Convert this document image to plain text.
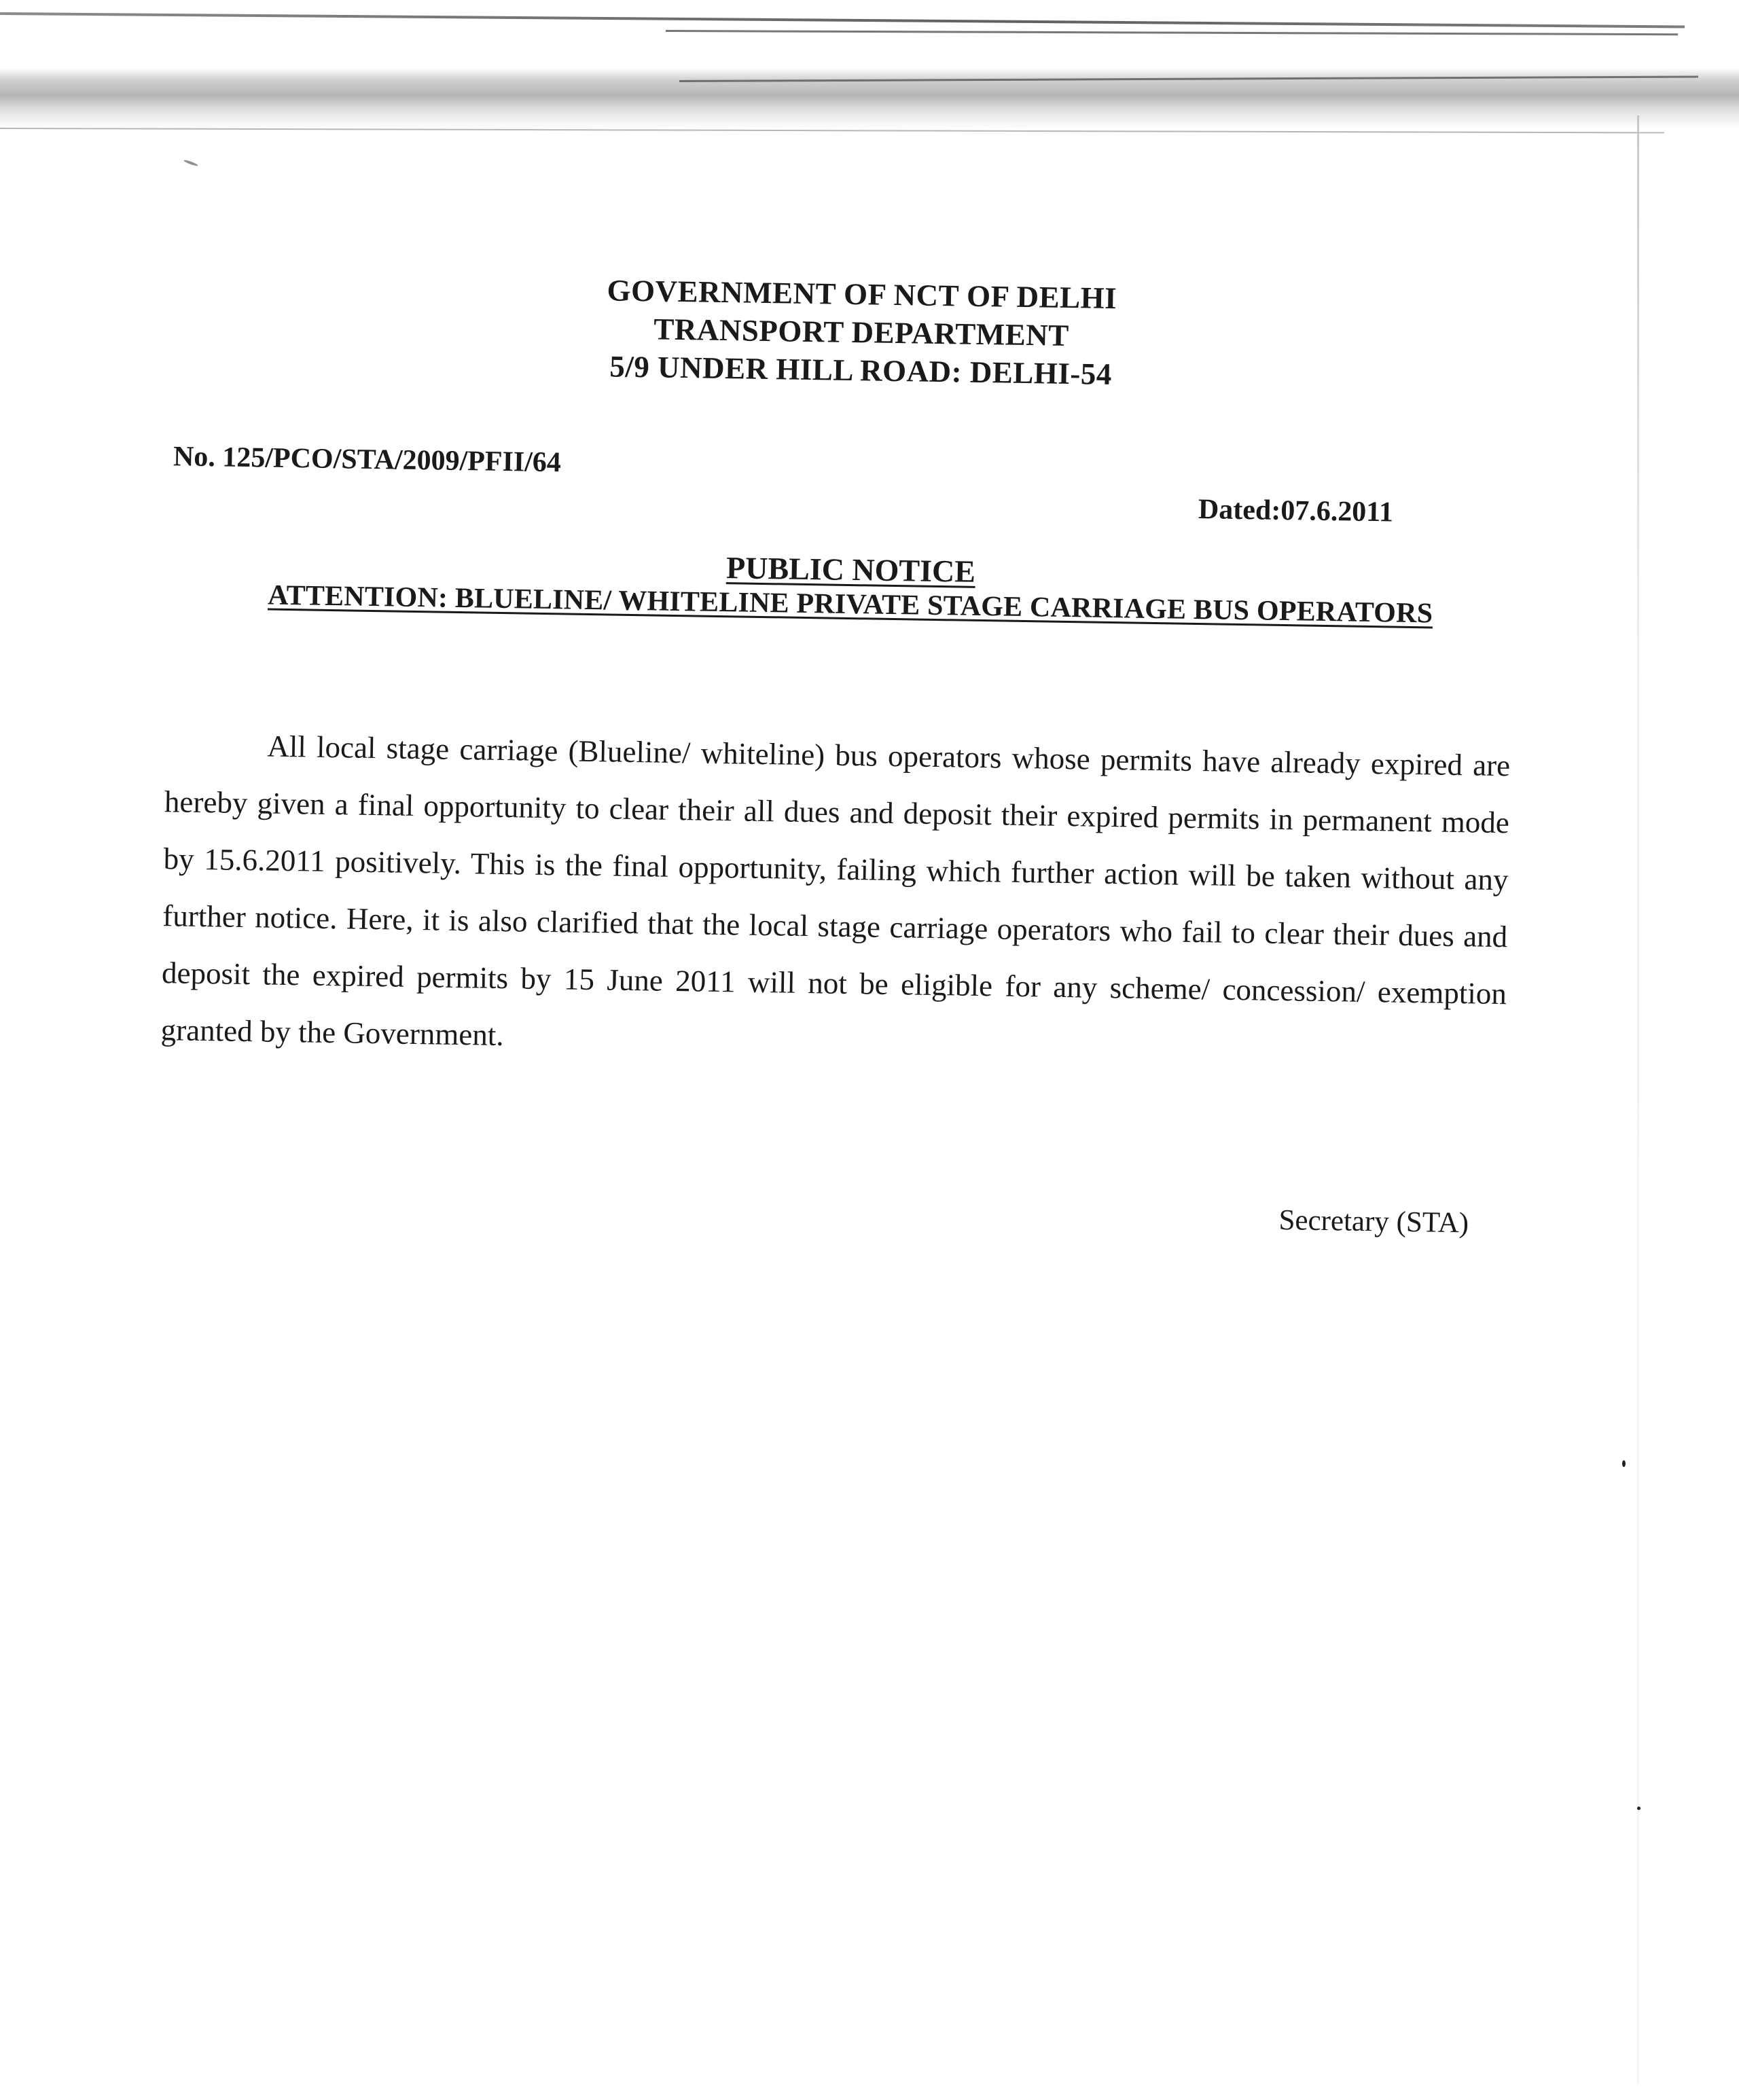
GOVERNMENT OF NCT OF DELHI
TRANSPORT DEPARTMENT
5/9 UNDER HILL ROAD: DELHI-54
No. 125/PCO/STA/2009/PFII/64
Dated:07.6.2011
PUBLIC NOTICE
ATTENTION: BLUELINE/ WHITELINE PRIVATE STAGE CARRIAGE BUS OPERATORS

All local stage carriage (Blueline/ whiteline) bus operators whose permits have already expired are hereby given a final opportunity to clear their all dues and deposit their expired permits in permanent mode by 15.6.2011 positively. This is the final opportunity, failing which further action will be taken without any further notice. Here, it is also clarified that the local stage carriage operators who fail to clear their dues and deposit the expired permits by 15 June 2011 will not be eligible for any scheme/ concession/ exemption granted by the Government.

Secretary (STA)
